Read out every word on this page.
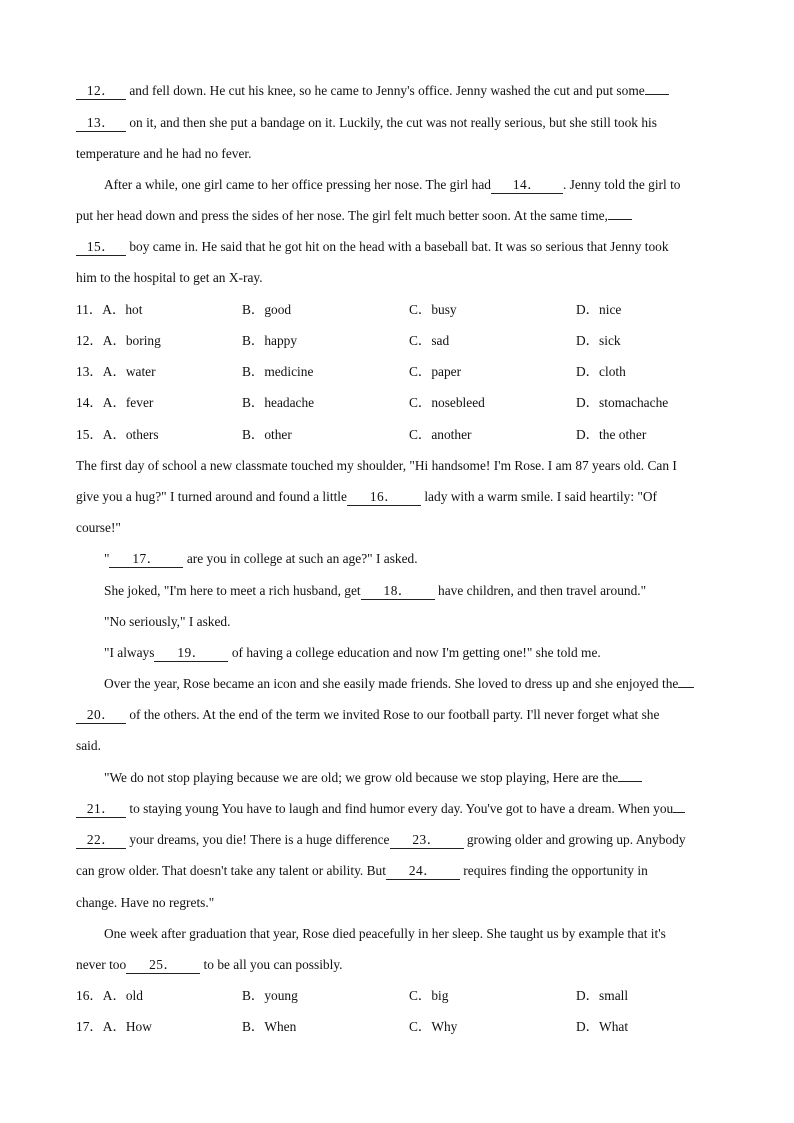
12． and fell down. He cut his knee, so he came to Jenny's office. Jenny washed the cut and put some
13． on it, and then she put a bandage on it. Luckily, the cut was not really serious, but she still took his
temperature and he had no fever.
After a while, one girl came to her office pressing her nose. The girl had 14． . Jenny told the girl to
put her head down and press the sides of her nose. The girl felt much better soon. At the same time,
15． boy came in. He said that he got hit on the head with a baseball bat. It was so serious that Jenny took
him to the hospital to get an X-ray.
11．A．hot	B．good	C．busy	D．nice
12．A．boring	B．happy	C．sad	D．sick
13．A．water	B．medicine	C．paper	D．cloth
14．A．fever	B．headache	C．nosebleed	D．stomachache
15．A．others	B．other	C．another	D．the other
The first day of school a new classmate touched my shoulder, "Hi handsome! I'm Rose. I am 87 years old. Can I
give you a hug?" I turned around and found a little 16． lady with a warm smile. I said heartily: "Of
course!"
" 17． are you in college at such an age?" I asked.
She joked, "I'm here to meet a rich husband, get 18． have children, and then travel around."
"No seriously," I asked.
"I always 19． of having a college education and now I'm getting one!" she told me.
Over the year, Rose became an icon and she easily made friends. She loved to dress up and she enjoyed the
20． of the others. At the end of the term we invited Rose to our football party. I'll never forget what she
said.
"We do not stop playing because we are old; we grow old because we stop playing, Here are the
21． to staying young You have to laugh and find humor every day. You've got to have a dream. When you
22． your dreams, you die! There is a huge difference 23． growing older and growing up. Anybody
can grow older. That doesn't take any talent or ability. But 24． requires finding the opportunity in
change. Have no regrets."
One week after graduation that year, Rose died peacefully in her sleep. She taught us by example that it's
never too 25． to be all you can possibly.
16．A．old	B．young	C．big	D．small
17．A．How	B．When	C．Why	D．What
